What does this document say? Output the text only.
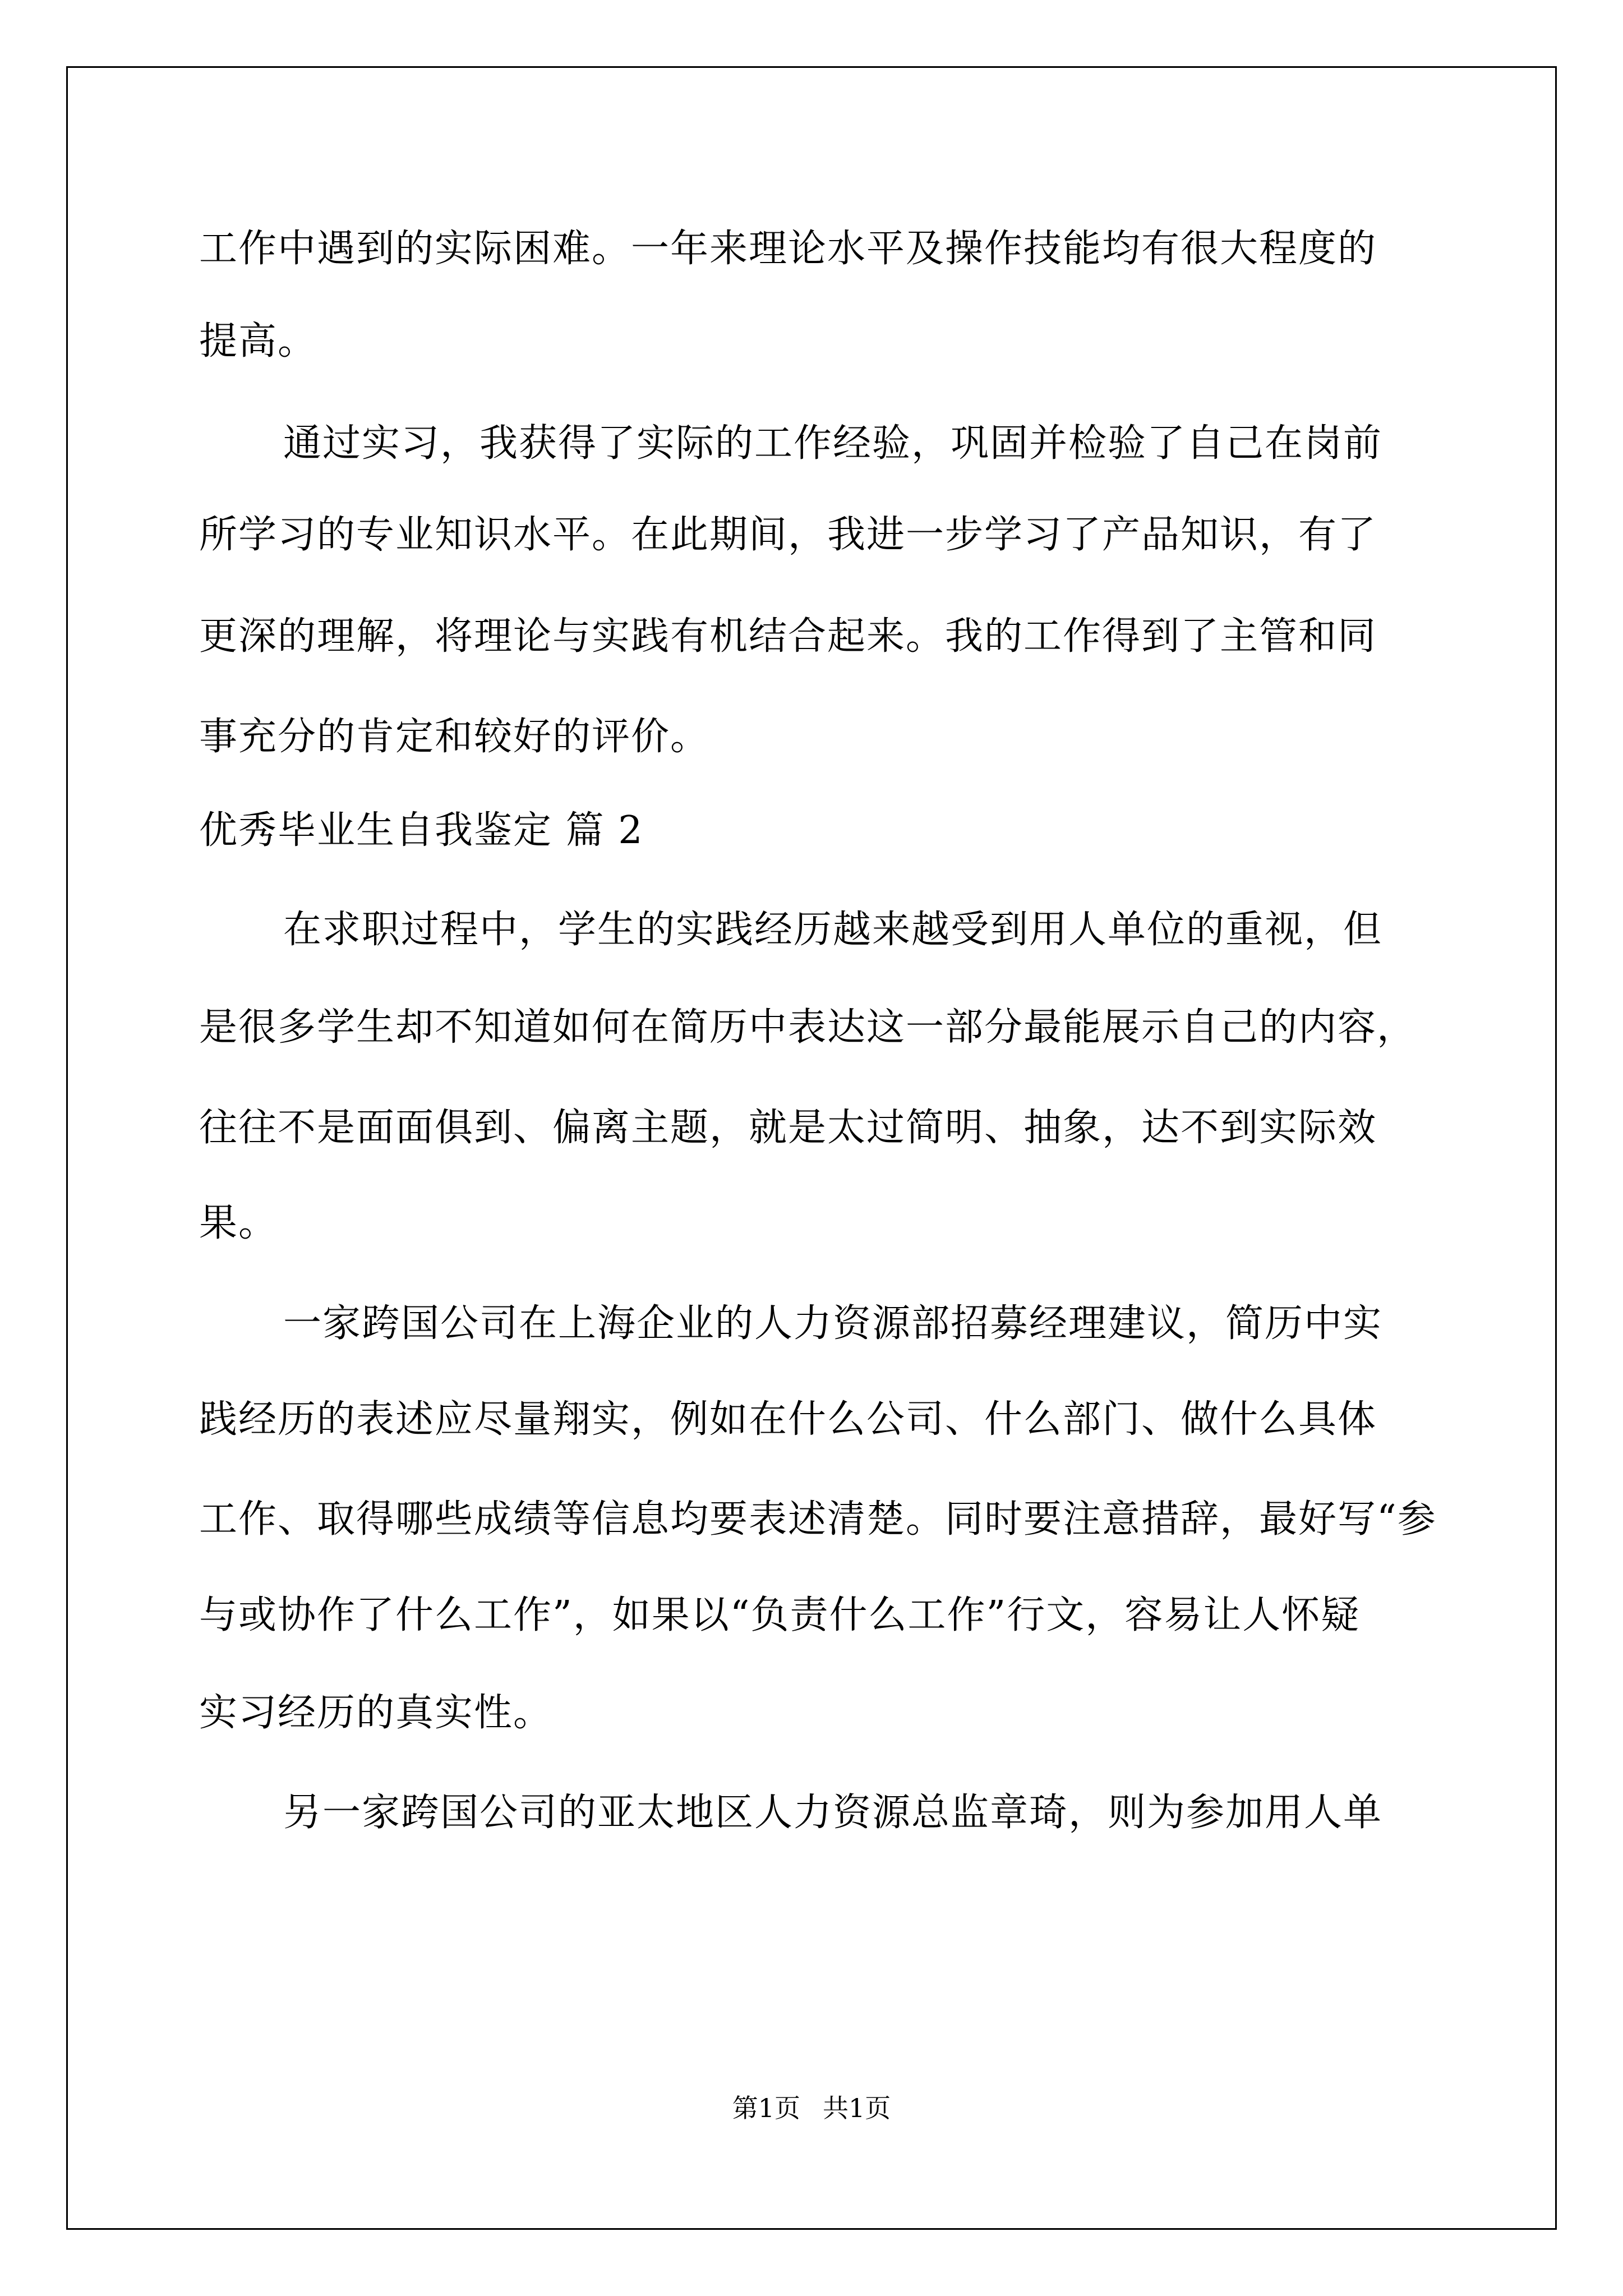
工作中遇到的实际困难。一年来理论水平及操作技能均有很大程度的
提高。
通过实习，我获得了实际的工作经验，巩固并检验了自己在岗前
所学习的专业知识水平。在此期间，我进一步学习了产品知识，有了
更深的理解，将理论与实践有机结合起来。我的工作得到了主管和同
事充分的肯定和较好的评价。
优秀毕业生自我鉴定 篇 2
在求职过程中，学生的实践经历越来越受到用人单位的重视，但
是很多学生却不知道如何在简历中表达这一部分最能展示自己的内容，
往往不是面面俱到、偏离主题，就是太过简明、抽象，达不到实际效
果。
一家跨国公司在上海企业的人力资源部招募经理建议，简历中实
践经历的表述应尽量翔实，例如在什么公司、什么部门、做什么具体
工作、取得哪些成绩等信息均要表述清楚。同时要注意措辞，最好写“参
与或协作了什么工作”，如果以“负责什么工作”行文，容易让人怀疑
实习经历的真实性。
另一家跨国公司的亚太地区人力资源总监章琦，则为参加用人单
第1页 共1页
